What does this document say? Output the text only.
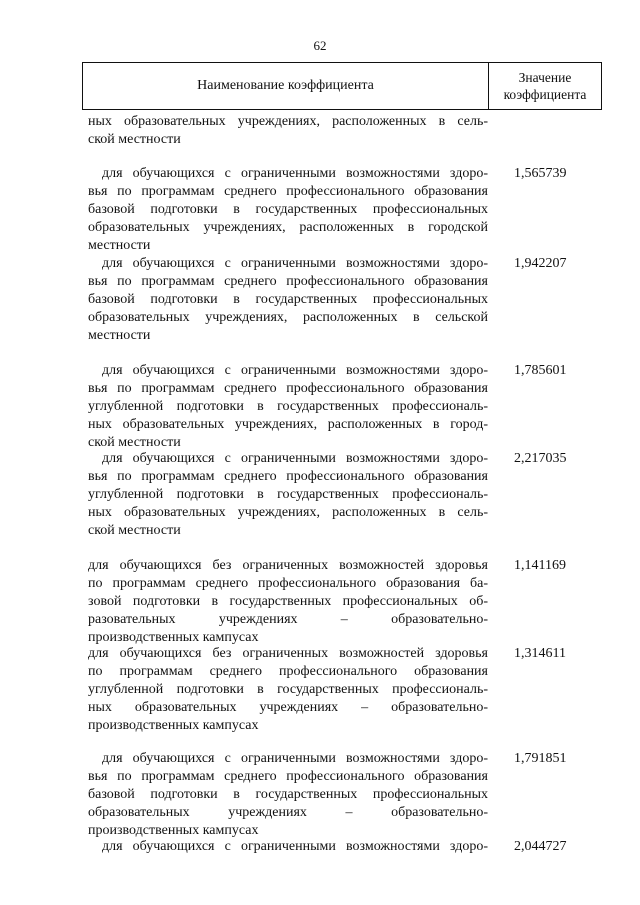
62
Наименование коэффициента
Значение
коэффициента
ных образовательных учреждениях, расположенных в сель-
ской местности
для обучающихся с ограниченными возможностями здоро-
вья по программам среднего профессионального образования
базовой подготовки в государственных профессиональных
образовательных учреждениях, расположенных в городской
местности
1,565739
для обучающихся с ограниченными возможностями здоро-
вья по программам среднего профессионального образования
базовой подготовки в государственных профессиональных
образовательных учреждениях, расположенных в сельской
местности
1,942207
для обучающихся с ограниченными возможностями здоро-
вья по программам среднего профессионального образования
углубленной подготовки в государственных профессиональ-
ных образовательных учреждениях, расположенных в город-
ской местности
1,785601
для обучающихся с ограниченными возможностями здоро-
вья по программам среднего профессионального образования
углубленной подготовки в государственных профессиональ-
ных образовательных учреждениях, расположенных в сель-
ской местности
2,217035
для обучающихся без ограниченных возможностей здоровья
по программам среднего профессионального образования ба-
зовой подготовки в государственных профессиональных об-
разовательных учреждениях – образовательно-
производственных кампусах
1,141169
для обучающихся без ограниченных возможностей здоровья
по программам среднего профессионального образования
углубленной подготовки в государственных профессиональ-
ных образовательных учреждениях – образовательно-
производственных кампусах
1,314611
для обучающихся с ограниченными возможностями здоро-
вья по программам среднего профессионального образования
базовой подготовки в государственных профессиональных
образовательных учреждениях – образовательно-
производственных кампусах
1,791851
для обучающихся с ограниченными возможностями здоро- 2,044727
